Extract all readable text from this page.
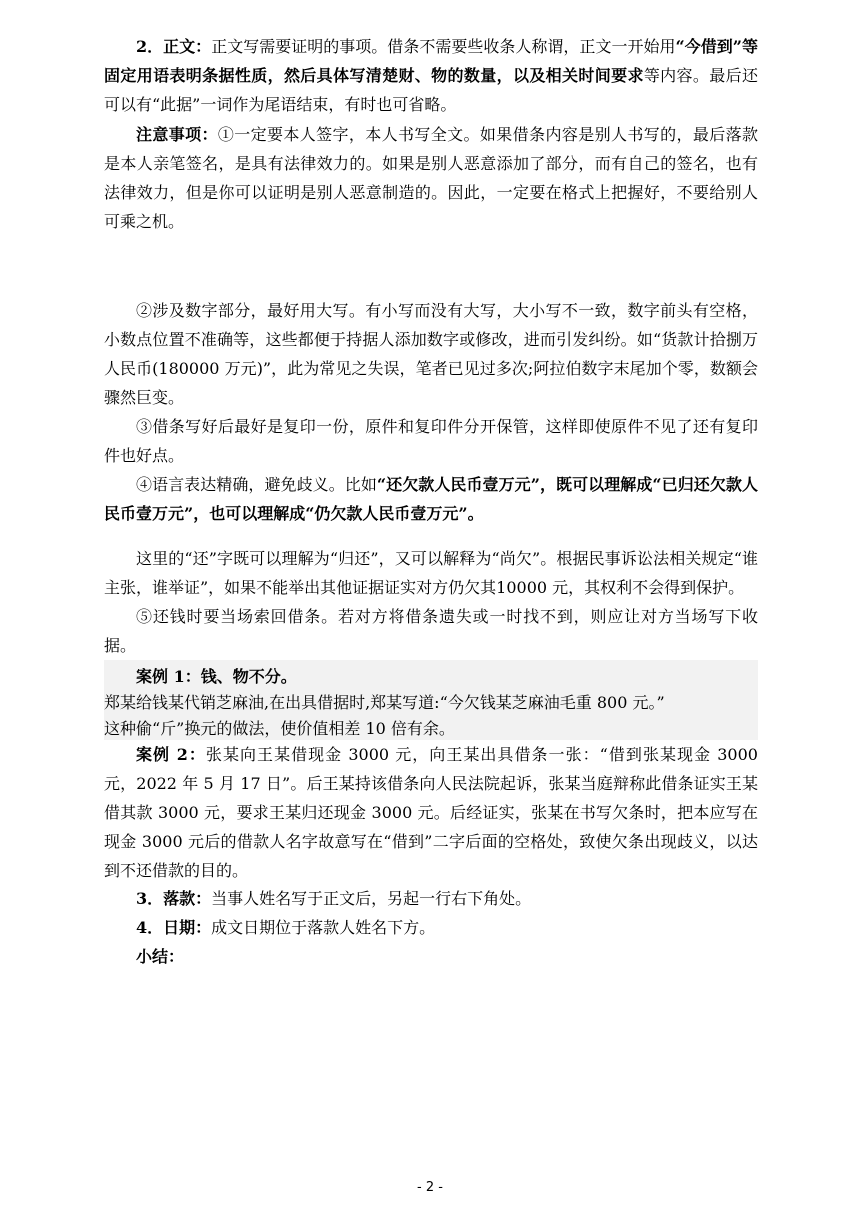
2．正文：正文写需要证明的事项。借条不需要些收条人称谓，正文一开始用“今借到”等固定用语表明条据性质，然后具体写清楚财、物的数量，以及相关时间要求等内容。最后还可以有“此据”一词作为尾语结束，有时也可省略。

注意事项：①一定要本人签字，本人书写全文。如果借条内容是别人书写的，最后落款是本人亲笔签名，是具有法律效力的。如果是别人恶意添加了部分，而有自己的签名，也有法律效力，但是你可以证明是别人恶意制造的。因此，一定要在格式上把握好，不要给别人可乘之机。

②涉及数字部分，最好用大写。有小写而没有大写，大小写不一致，数字前头有空格，小数点位置不准确等，这些都便于持据人添加数字或修改，进而引发纠纷。如“货款计拾捌万人民币(180000 万元)”，此为常见之失误，笔者已见过多次;阿拉伯数字末尾加个零，数额会骤然巨变。

③借条写好后最好是复印一份，原件和复印件分开保管，这样即使原件不见了还有复印件也好点。

④语言表达精确，避免歧义。比如“还欠款人民币壹万元”，既可以理解成“已归还欠款人民币壹万元”，也可以理解成“仍欠款人民币壹万元”。

这里的“还”字既可以理解为“归还”，又可以解释为“尚欠”。根据民事诉讼法相关规定“谁主张，谁举证”，如果不能举出其他证据证实对方仍欠其10000 元，其权利不会得到保护。

⑤还钱时要当场索回借条。若对方将借条遗失或一时找不到，则应让对方当场写下收据。

案例 1：钱、物不分。

郑某给钱某代销芝麻油,在出具借据时,郑某写道:“今欠钱某芝麻油毛重 800 元。”

这种偷“斤”换元的做法，使价值相差 10 倍有余。

案例 2：张某向王某借现金 3000 元，向王某出具借条一张：“借到张某现金 3000 元，2022 年 5 月 17 日”。后王某持该借条向人民法院起诉，张某当庭辩称此借条证实王某借其款 3000 元，要求王某归还现金 3000 元。后经证实，张某在书写欠条时，把本应写在现金 3000 元后的借款人名字故意写在“借到”二字后面的空格处，致使欠条出现歧义，以达到不还借款的目的。

3．落款：当事人姓名写于正文后，另起一行右下角处。

4．日期：成文日期位于落款人姓名下方。

小结：

- 2 -
